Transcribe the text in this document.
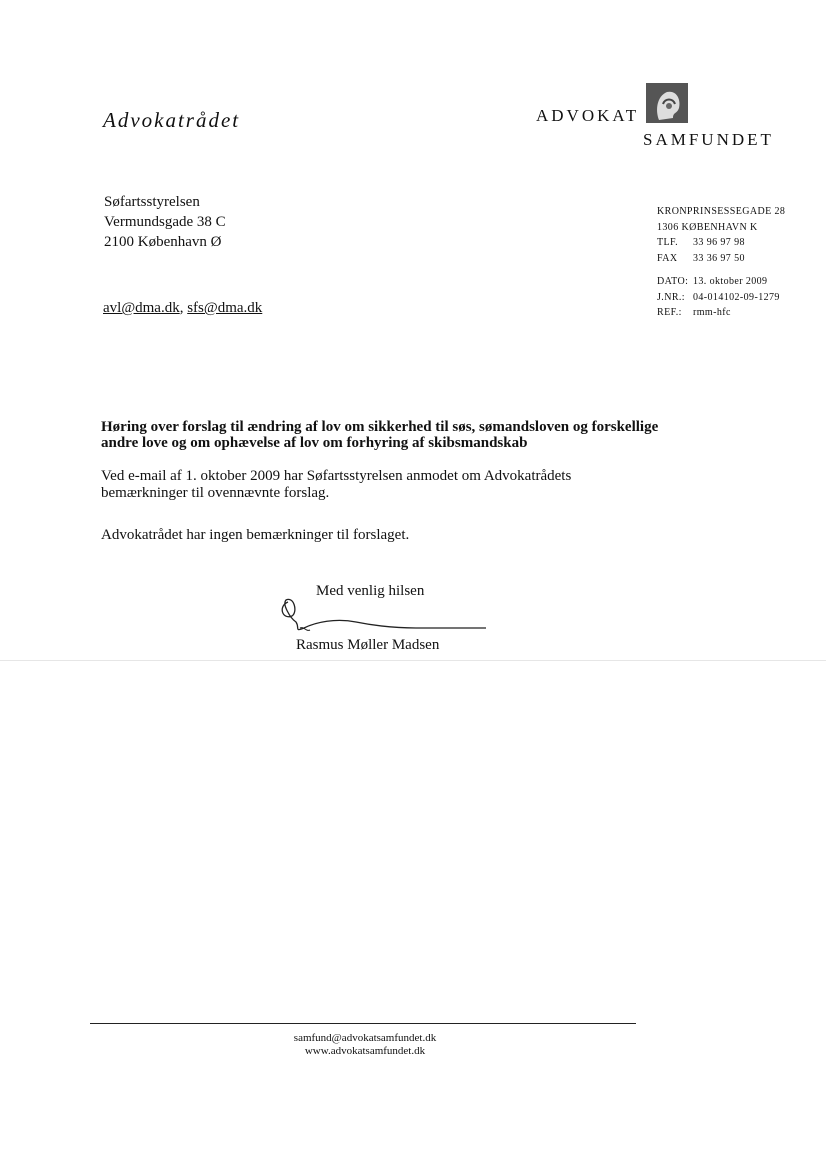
Advokatrådet	ADVOKAT
SAMFUNDET
Søfartsstyrelsen
Vermundsgade 38 C
2100 København Ø
avl@dma.dk, sfs@dma.dk
KRONPRINSESSEGADE 28
1306 KØBENHAVN K
TLF.	33 96 97 98
FAX	33 36 97 50
DATO: 13. oktober 2009
J.NR.: 04-014102-09-1279
REF.:	rmm-hfc
Høring over forslag til ændring af lov om sikkerhed til søs, sømandsloven og forskellige andre love og om ophævelse af lov om forhyring af skibsmandskab
Ved e-mail af 1. oktober 2009 har Søfartsstyrelsen anmodet om Advokatrådets bemærkninger til ovennævnte forslag.
Advokatrådet har ingen bemærkninger til forslaget.
Med venlig hilsen
Rasmus Møller Madsen
samfund@advokatsamfundet.dk
www.advokatsamfundet.dk
